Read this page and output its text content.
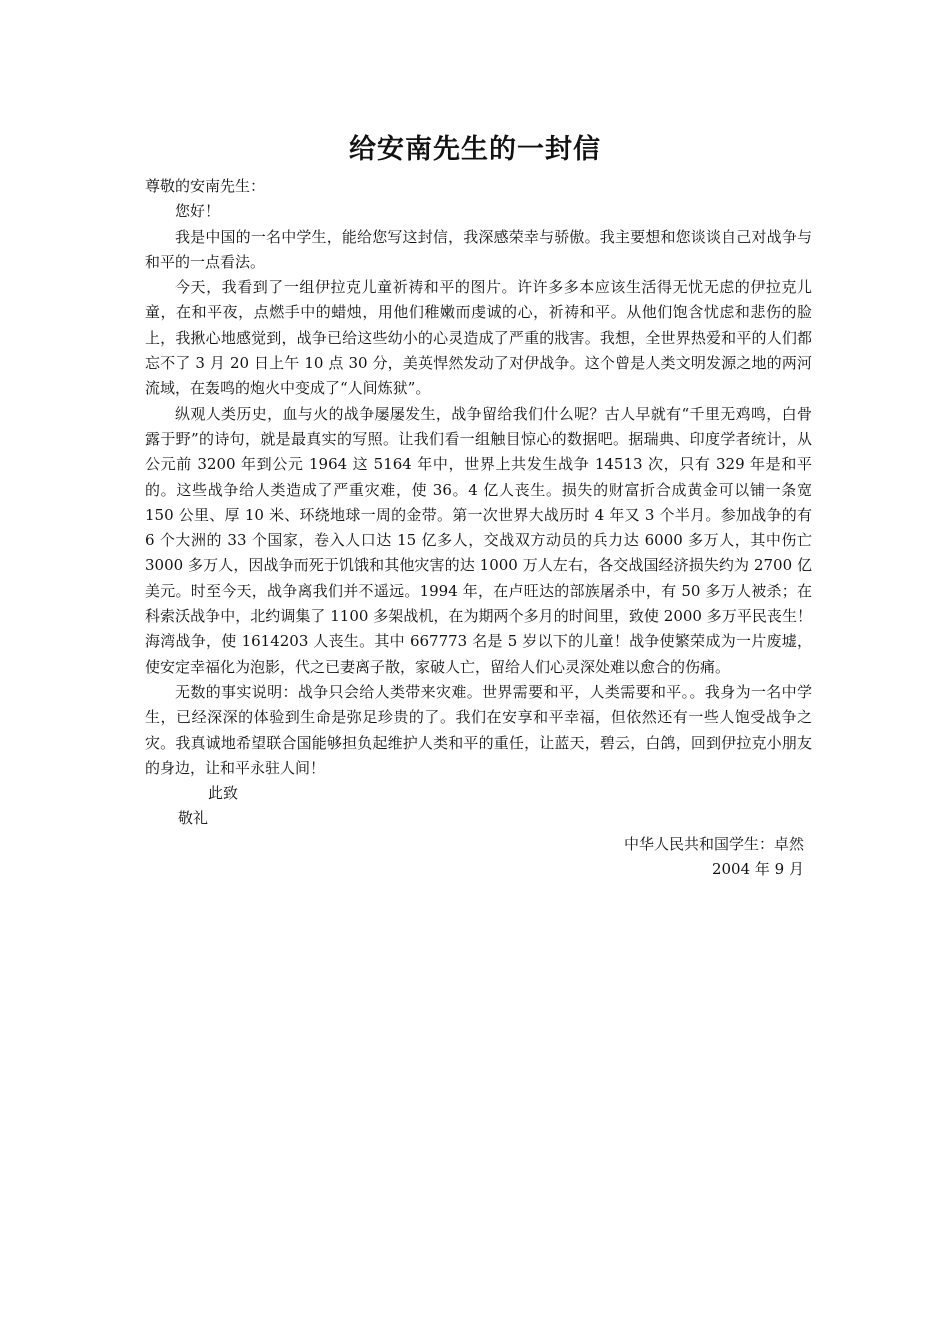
给安南先生的一封信

尊敬的安南先生：

您好！

我是中国的一名中学生，能给您写这封信，我深感荣幸与骄傲。我主要想和您谈谈自己对战争与和平的一点看法。

今天，我看到了一组伊拉克儿童祈祷和平的图片。许许多多本应该生活得无忧无虑的伊拉克儿童，在和平夜，点燃手中的蜡烛，用他们稚嫩而虔诚的心，祈祷和平。从他们饱含忧虑和悲伤的脸上，我揪心地感觉到，战争已给这些幼小的心灵造成了严重的戕害。我想，全世界热爱和平的人们都忘不了 3 月 20 日上午 10 点 30 分，美英悍然发动了对伊战争。这个曾是人类文明发源之地的两河流域，在轰鸣的炮火中变成了“人间炼狱”。

纵观人类历史，血与火的战争屡屡发生，战争留给我们什么呢？古人早就有“千里无鸡鸣，白骨露于野”的诗句，就是最真实的写照。让我们看一组触目惊心的数据吧。据瑞典、印度学者统计，从公元前 3200 年到公元 1964 这 5164 年中，世界上共发生战争 14513 次，只有 329 年是和平的。这些战争给人类造成了严重灾难，使 36。4 亿人丧生。损失的财富折合成黄金可以铺一条宽 150 公里、厚 10 米、环绕地球一周的金带。第一次世界大战历时 4 年又 3 个半月。参加战争的有 6 个大洲的 33 个国家，卷入人口达 15 亿多人，交战双方动员的兵力达 6000 多万人，其中伤亡 3000 多万人，因战争而死于饥饿和其他灾害的达 1000 万人左右，各交战国经济损失约为 2700 亿美元。时至今天，战争离我们并不遥远。1994 年，在卢旺达的部族屠杀中，有 50 多万人被杀；在科索沃战争中，北约调集了 1100 多架战机，在为期两个多月的时间里，致使 2000 多万平民丧生！海湾战争，使 1614203 人丧生。其中 667773 名是 5 岁以下的儿童！战争使繁荣成为一片废墟，使安定幸福化为泡影，代之已妻离子散，家破人亡，留给人们心灵深处难以愈合的伤痛。

无数的事实说明：战争只会给人类带来灾难。世界需要和平，人类需要和平。。我身为一名中学生，已经深深的体验到生命是弥足珍贵的了。我们在安享和平幸福，但依然还有一些人饱受战争之灾。我真诚地希望联合国能够担负起维护人类和平的重任，让蓝天，碧云，白鸽，回到伊拉克小朋友的身边，让和平永驻人间！

此致

敬礼

中华人民共和国学生：卓然

2004 年 9 月
